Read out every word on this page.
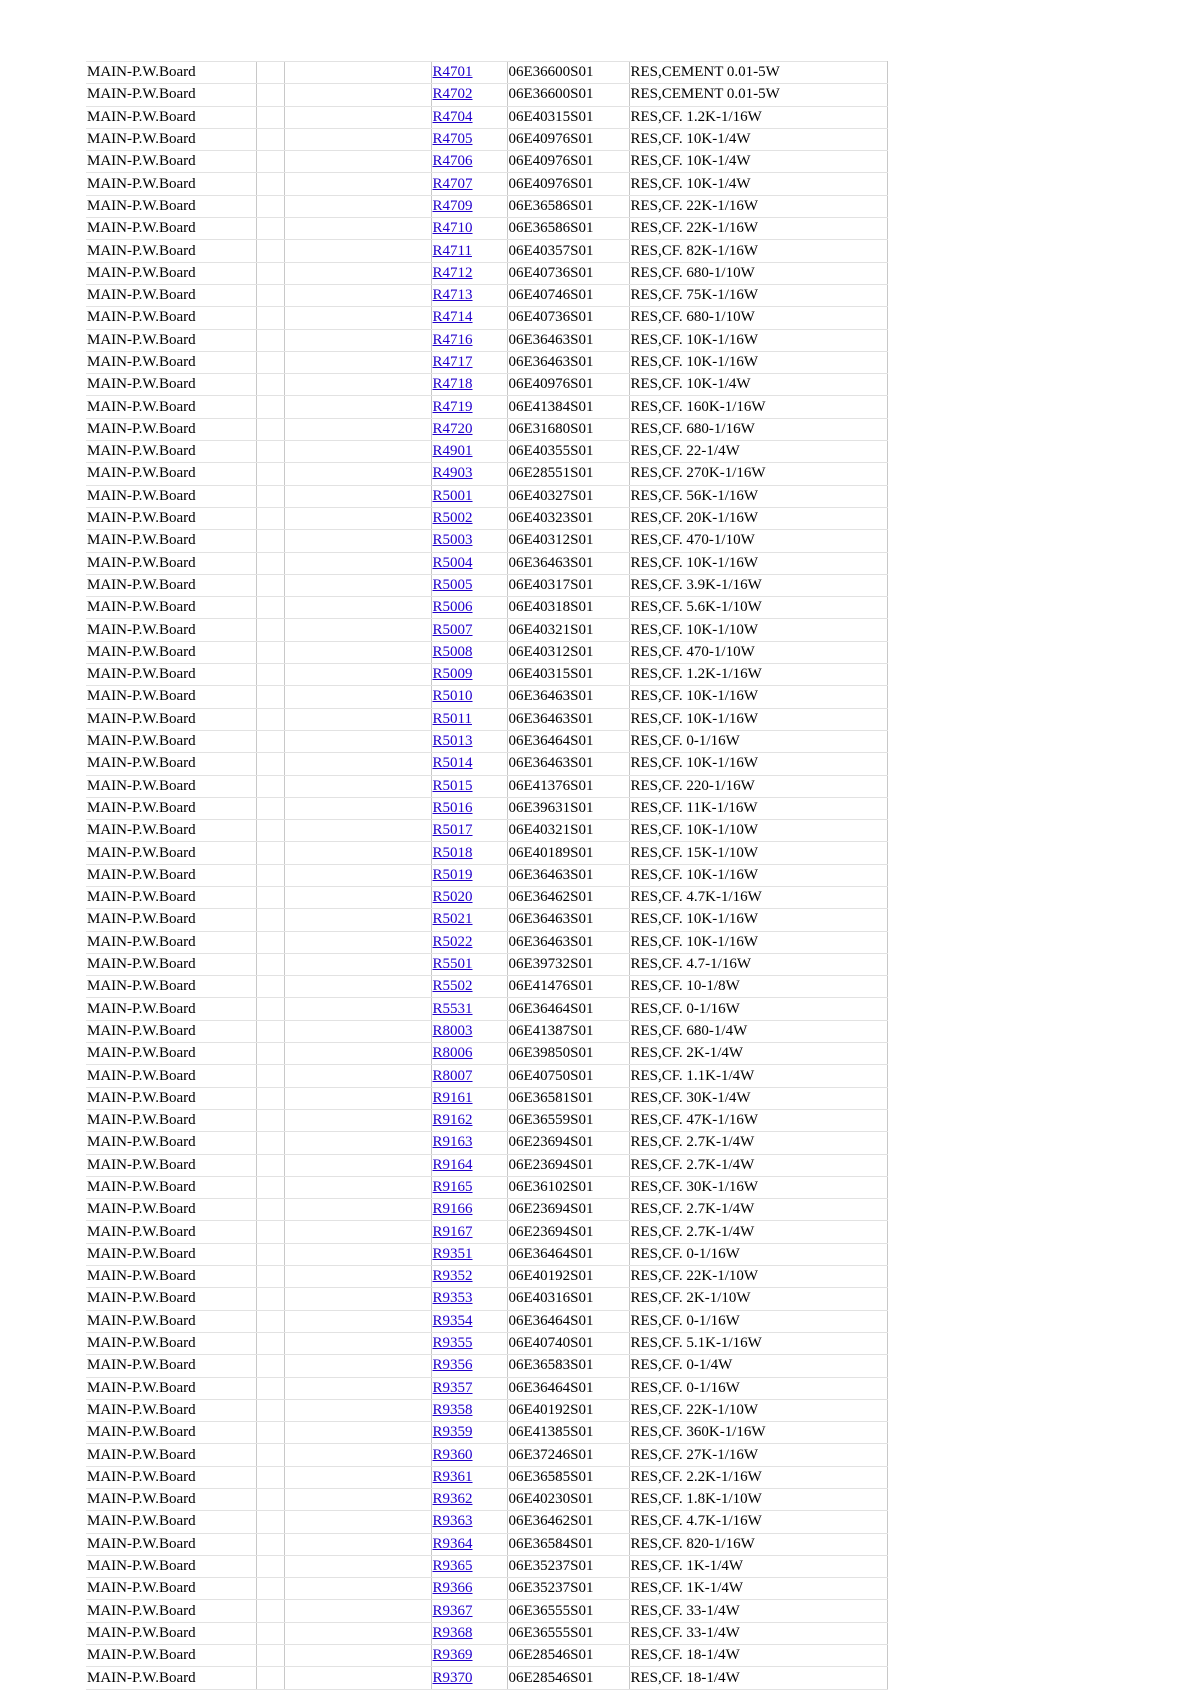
MAIN-P.W.Board			R4701	06E36600S01	RES,CEMENT 0.01-5W
MAIN-P.W.Board			R4702	06E36600S01	RES,CEMENT 0.01-5W
MAIN-P.W.Board			R4704	06E40315S01	RES,CF. 1.2K-1/16W
MAIN-P.W.Board			R4705	06E40976S01	RES,CF. 10K-1/4W
MAIN-P.W.Board			R4706	06E40976S01	RES,CF. 10K-1/4W
MAIN-P.W.Board			R4707	06E40976S01	RES,CF. 10K-1/4W
MAIN-P.W.Board			R4709	06E36586S01	RES,CF. 22K-1/16W
MAIN-P.W.Board			R4710	06E36586S01	RES,CF. 22K-1/16W
MAIN-P.W.Board			R4711	06E40357S01	RES,CF. 82K-1/16W
MAIN-P.W.Board			R4712	06E40736S01	RES,CF. 680-1/10W
MAIN-P.W.Board			R4713	06E40746S01	RES,CF. 75K-1/16W
MAIN-P.W.Board			R4714	06E40736S01	RES,CF. 680-1/10W
MAIN-P.W.Board			R4716	06E36463S01	RES,CF. 10K-1/16W
MAIN-P.W.Board			R4717	06E36463S01	RES,CF. 10K-1/16W
MAIN-P.W.Board			R4718	06E40976S01	RES,CF. 10K-1/4W
MAIN-P.W.Board			R4719	06E41384S01	RES,CF. 160K-1/16W
MAIN-P.W.Board			R4720	06E31680S01	RES,CF. 680-1/16W
MAIN-P.W.Board			R4901	06E40355S01	RES,CF. 22-1/4W
MAIN-P.W.Board			R4903	06E28551S01	RES,CF. 270K-1/16W
MAIN-P.W.Board			R5001	06E40327S01	RES,CF. 56K-1/16W
MAIN-P.W.Board			R5002	06E40323S01	RES,CF. 20K-1/16W
MAIN-P.W.Board			R5003	06E40312S01	RES,CF. 470-1/10W
MAIN-P.W.Board			R5004	06E36463S01	RES,CF. 10K-1/16W
MAIN-P.W.Board			R5005	06E40317S01	RES,CF. 3.9K-1/16W
MAIN-P.W.Board			R5006	06E40318S01	RES,CF. 5.6K-1/10W
MAIN-P.W.Board			R5007	06E40321S01	RES,CF. 10K-1/10W
MAIN-P.W.Board			R5008	06E40312S01	RES,CF. 470-1/10W
MAIN-P.W.Board			R5009	06E40315S01	RES,CF. 1.2K-1/16W
MAIN-P.W.Board			R5010	06E36463S01	RES,CF. 10K-1/16W
MAIN-P.W.Board			R5011	06E36463S01	RES,CF. 10K-1/16W
MAIN-P.W.Board			R5013	06E36464S01	RES,CF. 0-1/16W
MAIN-P.W.Board			R5014	06E36463S01	RES,CF. 10K-1/16W
MAIN-P.W.Board			R5015	06E41376S01	RES,CF. 220-1/16W
MAIN-P.W.Board			R5016	06E39631S01	RES,CF. 11K-1/16W
MAIN-P.W.Board			R5017	06E40321S01	RES,CF. 10K-1/10W
MAIN-P.W.Board			R5018	06E40189S01	RES,CF. 15K-1/10W
MAIN-P.W.Board			R5019	06E36463S01	RES,CF. 10K-1/16W
MAIN-P.W.Board			R5020	06E36462S01	RES,CF. 4.7K-1/16W
MAIN-P.W.Board			R5021	06E36463S01	RES,CF. 10K-1/16W
MAIN-P.W.Board			R5022	06E36463S01	RES,CF. 10K-1/16W
MAIN-P.W.Board			R5501	06E39732S01	RES,CF. 4.7-1/16W
MAIN-P.W.Board			R5502	06E41476S01	RES,CF. 10-1/8W
MAIN-P.W.Board			R5531	06E36464S01	RES,CF. 0-1/16W
MAIN-P.W.Board			R8003	06E41387S01	RES,CF. 680-1/4W
MAIN-P.W.Board			R8006	06E39850S01	RES,CF. 2K-1/4W
MAIN-P.W.Board			R8007	06E40750S01	RES,CF. 1.1K-1/4W
MAIN-P.W.Board			R9161	06E36581S01	RES,CF. 30K-1/4W
MAIN-P.W.Board			R9162	06E36559S01	RES,CF. 47K-1/16W
MAIN-P.W.Board			R9163	06E23694S01	RES,CF. 2.7K-1/4W
MAIN-P.W.Board			R9164	06E23694S01	RES,CF. 2.7K-1/4W
MAIN-P.W.Board			R9165	06E36102S01	RES,CF. 30K-1/16W
MAIN-P.W.Board			R9166	06E23694S01	RES,CF. 2.7K-1/4W
MAIN-P.W.Board			R9167	06E23694S01	RES,CF. 2.7K-1/4W
MAIN-P.W.Board			R9351	06E36464S01	RES,CF. 0-1/16W
MAIN-P.W.Board			R9352	06E40192S01	RES,CF. 22K-1/10W
MAIN-P.W.Board			R9353	06E40316S01	RES,CF. 2K-1/10W
MAIN-P.W.Board			R9354	06E36464S01	RES,CF. 0-1/16W
MAIN-P.W.Board			R9355	06E40740S01	RES,CF. 5.1K-1/16W
MAIN-P.W.Board			R9356	06E36583S01	RES,CF. 0-1/4W
MAIN-P.W.Board			R9357	06E36464S01	RES,CF. 0-1/16W
MAIN-P.W.Board			R9358	06E40192S01	RES,CF. 22K-1/10W
MAIN-P.W.Board			R9359	06E41385S01	RES,CF. 360K-1/16W
MAIN-P.W.Board			R9360	06E37246S01	RES,CF. 27K-1/16W
MAIN-P.W.Board			R9361	06E36585S01	RES,CF. 2.2K-1/16W
MAIN-P.W.Board			R9362	06E40230S01	RES,CF. 1.8K-1/10W
MAIN-P.W.Board			R9363	06E36462S01	RES,CF. 4.7K-1/16W
MAIN-P.W.Board			R9364	06E36584S01	RES,CF. 820-1/16W
MAIN-P.W.Board			R9365	06E35237S01	RES,CF. 1K-1/4W
MAIN-P.W.Board			R9366	06E35237S01	RES,CF. 1K-1/4W
MAIN-P.W.Board			R9367	06E36555S01	RES,CF. 33-1/4W
MAIN-P.W.Board			R9368	06E36555S01	RES,CF. 33-1/4W
MAIN-P.W.Board			R9369	06E28546S01	RES,CF. 18-1/4W
MAIN-P.W.Board			R9370	06E28546S01	RES,CF. 18-1/4W
